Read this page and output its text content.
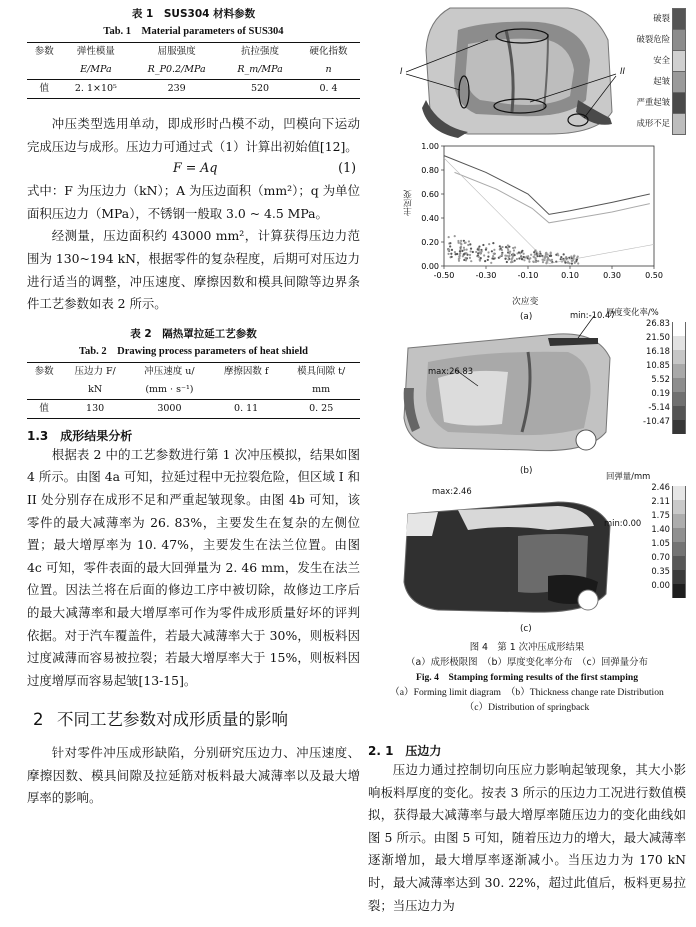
表 1　SUS304 材料参数
Tab. 1　Material parameters of SUS304
参数	弹性模量	屈服强度	抗拉强度	硬化指数
	E/MPa	R_P0.2/MPa	R_m/MPa	n
值	2. 1×10⁵	239	520	0. 4

冲压类型选用单动，即成形时凸模不动，凹模向下运动完成压边与成形。压边力可通过式（1）计算出初始值[12]。

F = Aq	(1)

式中：F 为压边力（kN）；A 为压边面积（mm²）；q 为单位面积压边力（MPa），不锈钢一般取 3.0 ~ 4.5 MPa。

经测量，压边面积约 43000 mm²，计算获得压边力范围为 130~194 kN，根据零件的复杂程度，后期可对压边力进行适当的调整，冲压速度、摩擦因数和模具间隙等边界条件工艺参数如表 2 所示。

表 2　隔热罩拉延工艺参数
Tab. 2　Drawing process parameters of heat shield
参数	压边力 F/	冲压速度 u/	摩擦因数 f	模具间隙 t/
	kN	(mm · s⁻¹)		mm
值	130	3000	0. 11	0. 25
1.3　成形结果分析

根据表 2 中的工艺参数进行第 1 次冲压模拟，结果如图 4 所示。由图 4a 可知，拉延过程中无拉裂危险，但区域 I 和 II 处分别存在成形不足和严重起皱现象。由图 4b 可知，该零件的最大减薄率为 26. 83%，主要发生在复杂的左侧位置；最大增厚率为 10. 47%，主要发生在法兰位置。由图 4c 可知，零件表面的最大回弹量为 2. 46 mm，发生在法兰位置。因法兰将在后面的修边工序中被切除，故修边工序后的最大减薄率和最大增厚率可作为零件成形质量好坏的评判依据。对于汽车覆盖件，若最大减薄率大于 30%，则板料因过度减薄而容易被拉裂；若最大增厚率大于 15%，则板料因过度增厚而容易起皱[13-15]。

2 不同工艺参数对成形质量的影响

针对零件冲压成形缺陷，分别研究压边力、冲压速度、摩擦因数、模具间隙及拉延筋对板料最大减薄率以及最大增厚率的影响。

I	II
破裂
破裂危险
安全
起皱
严重起皱
成形不足
0.00
0.20
0.40
0.60
0.80
1.00
-0.50	-0.30	-0.10	0.10	0.30	0.50
主应变
次应变
(a)
max:26.83
min:-10.47
厚度变化率/%
26.83
21.50
16.18
10.85
5.52
0.19
-5.14
-10.47
(b)
max:2.46
min:0.00
回弹量/mm
2.46
2.11
1.75
1.40
1.05
0.70
0.35
0.00
(c)
图 4　第 1 次冲压成形结果
（a）成形极限图　（b）厚度变化率分布　（c）回弹量分布
Fig. 4　Stamping forming results of the first stamping
（a）Forming limit diagram　（b）Thickness change rate Distribution
（c）Distribution of springback
2. 1　压边力

压边力通过控制切向压应力影响起皱现象，其大小影响板料厚度的变化。按表 3 所示的压边力工况进行数值模拟，获得最大减薄率与最大增厚率随压边力的变化曲线如图 5 所示。由图 5 可知，随着压边力的增大，最大减薄率逐渐增加，最大增厚率逐渐减小。当压边力为 170 kN 时，最大减薄率达到 30. 22%，超过此值后，板料更易拉裂；当压边力为
